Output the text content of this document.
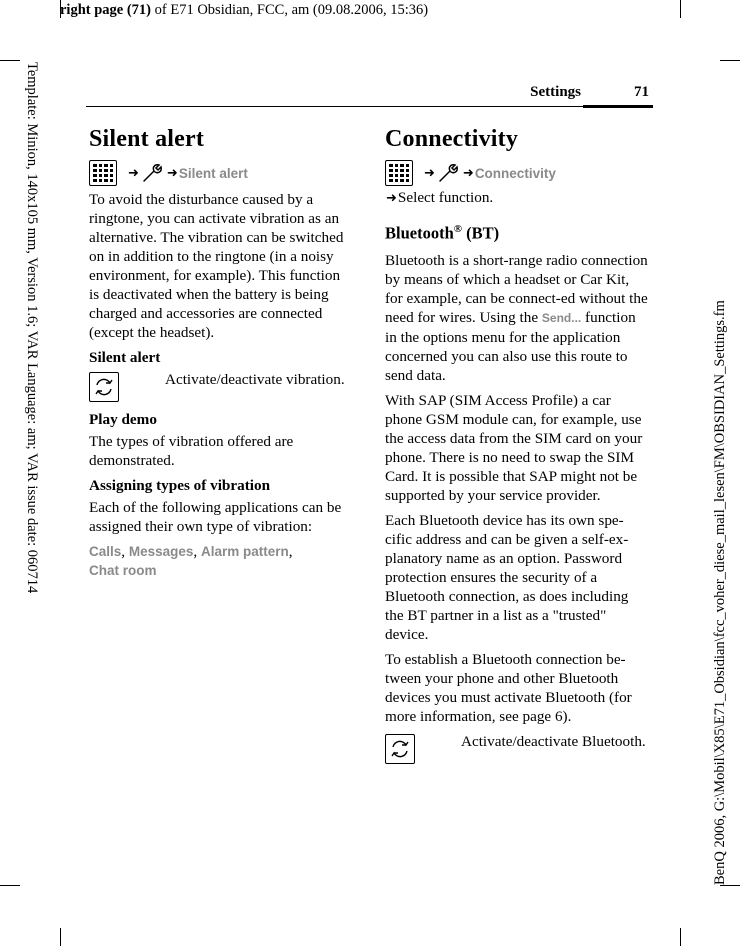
right page (71) of E71 Obsidian, FCC, am (09.08.2006, 15:36)
Template: Minion, 140x105 mm, Version 1.6; VAR Language: am; VAR issue date: 060714	BenQ 2006, G:\Mobil\X85\E71_Obsidian\fcc_voher_diese_mail_lesen\FM\OBSIDIAN_Settings.fm
Settings	71
Silent alert
➜ ➜ Silent alert

To avoid the disturbance caused by a ringtone, you can activate vibration as an alternative. The vibration can be switched on in addition to the ringtone (in a noisy environment, for example). This function is deactivated when the battery is being charged and accessories are connected (except the headset).

Silent alert
Activate/deactivate vibration.
Play demo

The types of vibration offered are demonstrated.

Assigning types of vibration

Each of the following applications can be assigned their own type of vibration:

Calls, Messages, Alarm pattern,
Chat room
Connectivity
➜ ➜ Connectivity
➜Select function.
Bluetooth® (BT)

Bluetooth is a short-range radio connection by means of which a headset or Car Kit, for example, can be connect-ed without the need for wires. Using the Send... function in the options menu for the application concerned you can also use this route to send data.

With SAP (SIM Access Profile) a car phone GSM module can, for example, use the access data from the SIM card on your phone. There is no need to swap the SIM Card. It is possible that SAP might not be supported by your service provider.

Each Bluetooth device has its own spe-cific address and can be given a self-ex-planatory name as an option. Password protection ensures the security of a Bluetooth connection, as does including the BT partner in a list as a "trusted" device.

To establish a Bluetooth connection be-tween your phone and other Bluetooth devices you must activate Bluetooth (for more information, see page 6).

Activate/deactivate Bluetooth.
